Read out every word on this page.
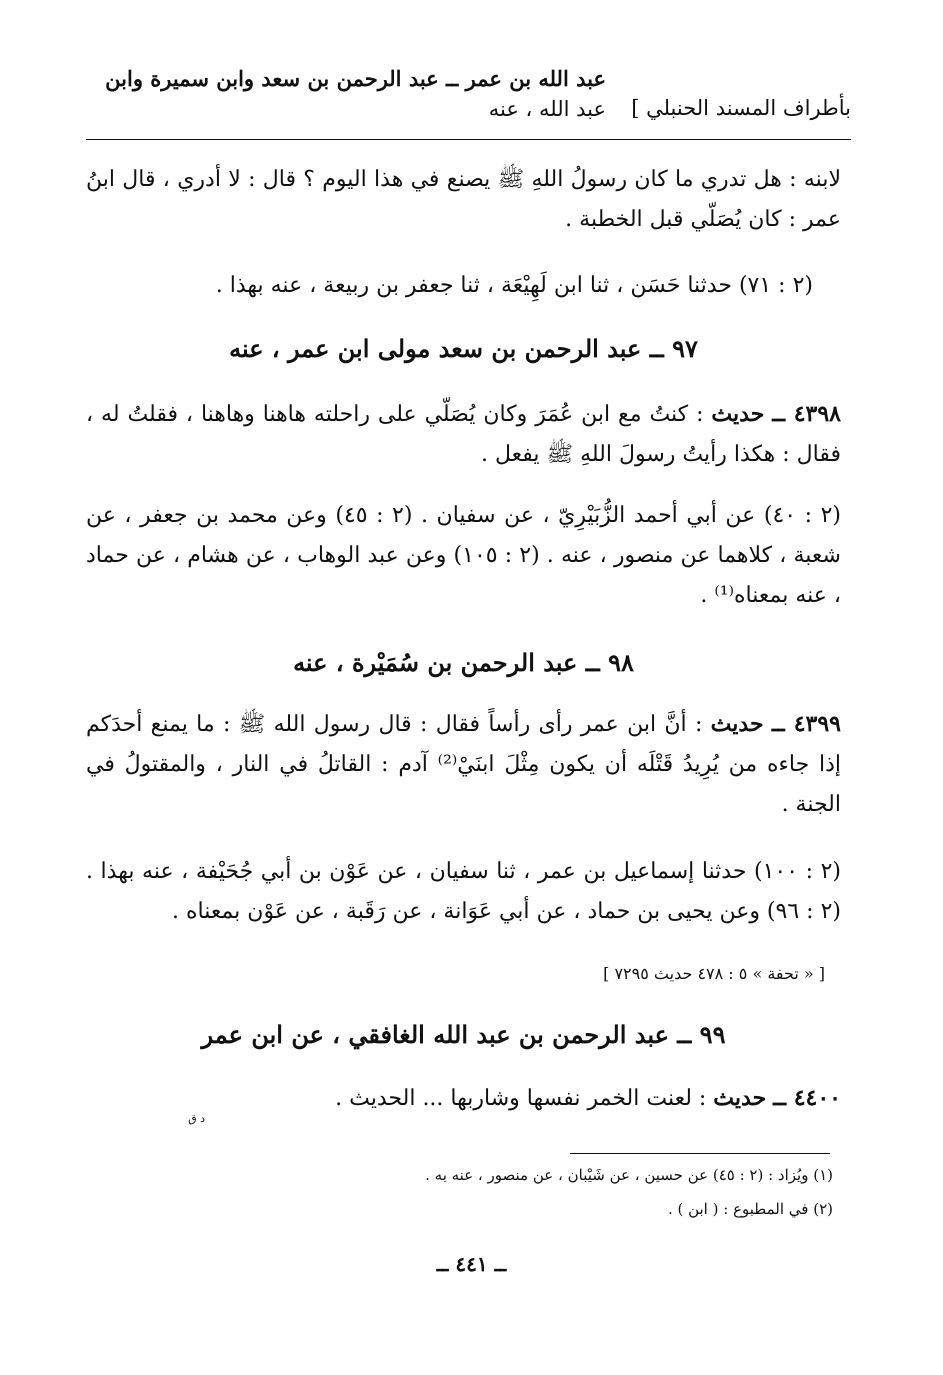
عبد الله بن عمر ــ عبد الرحمن بن سعد وابن سميرة وابن
عبد الله ، عنه بأطراف المسند الحنبلي ]
لابنه : هل تدري ما كان رسولُ اللهِ ﷺ يصنع في هذا اليوم ؟ قال : لا أدري ، قال ابنُ عمر : كان يُصَلّي قبل الخطبة .
(٢ : ٧١) حدثنا حَسَن ، ثنا ابن لَهِيْعَة ، ثنا جعفر بن ربيعة ، عنه بهذا .
٩٧ ــ عبد الرحمن بن سعد مولى ابن عمر ، عنه
٤٣٩٨ ــ حديث : كنتُ مع ابن عُمَرَ وكان يُصَلّي على راحلته هاهنا وهاهنا ، فقلتُ له ، فقال : هكذا رأيتُ رسولَ اللهِ ﷺ يفعل .
(٢ : ٤٠) عن أبي أحمد الزُّبَيْرِيّ ، عن سفيان . (٢ : ٤٥) وعن محمد بن جعفر ، عن شعبة ، كلاهما عن منصور ، عنه . (٢ : ١٠٥) وعن عبد الوهاب ، عن هشام ، عن حماد ، عنه بمعناه⁽¹⁾ .
٩٨ ــ عبد الرحمن بن سُمَيْرة ، عنه
٤٣٩٩ ــ حديث : أنَّ ابن عمر رأى رأساً فقال : قال رسول الله ﷺ : ما يمنع أحدَكم إذا جاءه من يُرِيدُ قَتْلَه أن يكون مِثْلَ ابنَيْ⁽²⁾ آدم : القاتلُ في النار ، والمقتولُ في الجنة .
(٢ : ١٠٠) حدثنا إسماعيل بن عمر ، ثنا سفيان ، عن عَوْن بن أبي جُحَيْفة ، عنه بهذا . (٢ : ٩٦) وعن يحيى بن حماد ، عن أبي عَوَانة ، عن رَقَبة ، عن عَوْن بمعناه .
[ « تحفة » ٥ : ٤٧٨ حديث ٧٢٩٥ ]
٩٩ ــ عبد الرحمن بن عبد الله الغافقي ، عن ابن عمر
٤٤٠٠ ــ حديث : لعنت الخمر نفسها وشاربها ... الحديث .
د ق
(١) ويُزاد : (٢ : ٤٥) عن حسين ، عن شَيْبان ، عن منصور ، عنه به .
(٢) في المطبوع : ( ابن ) .
ــ ٤٤١ ــ
